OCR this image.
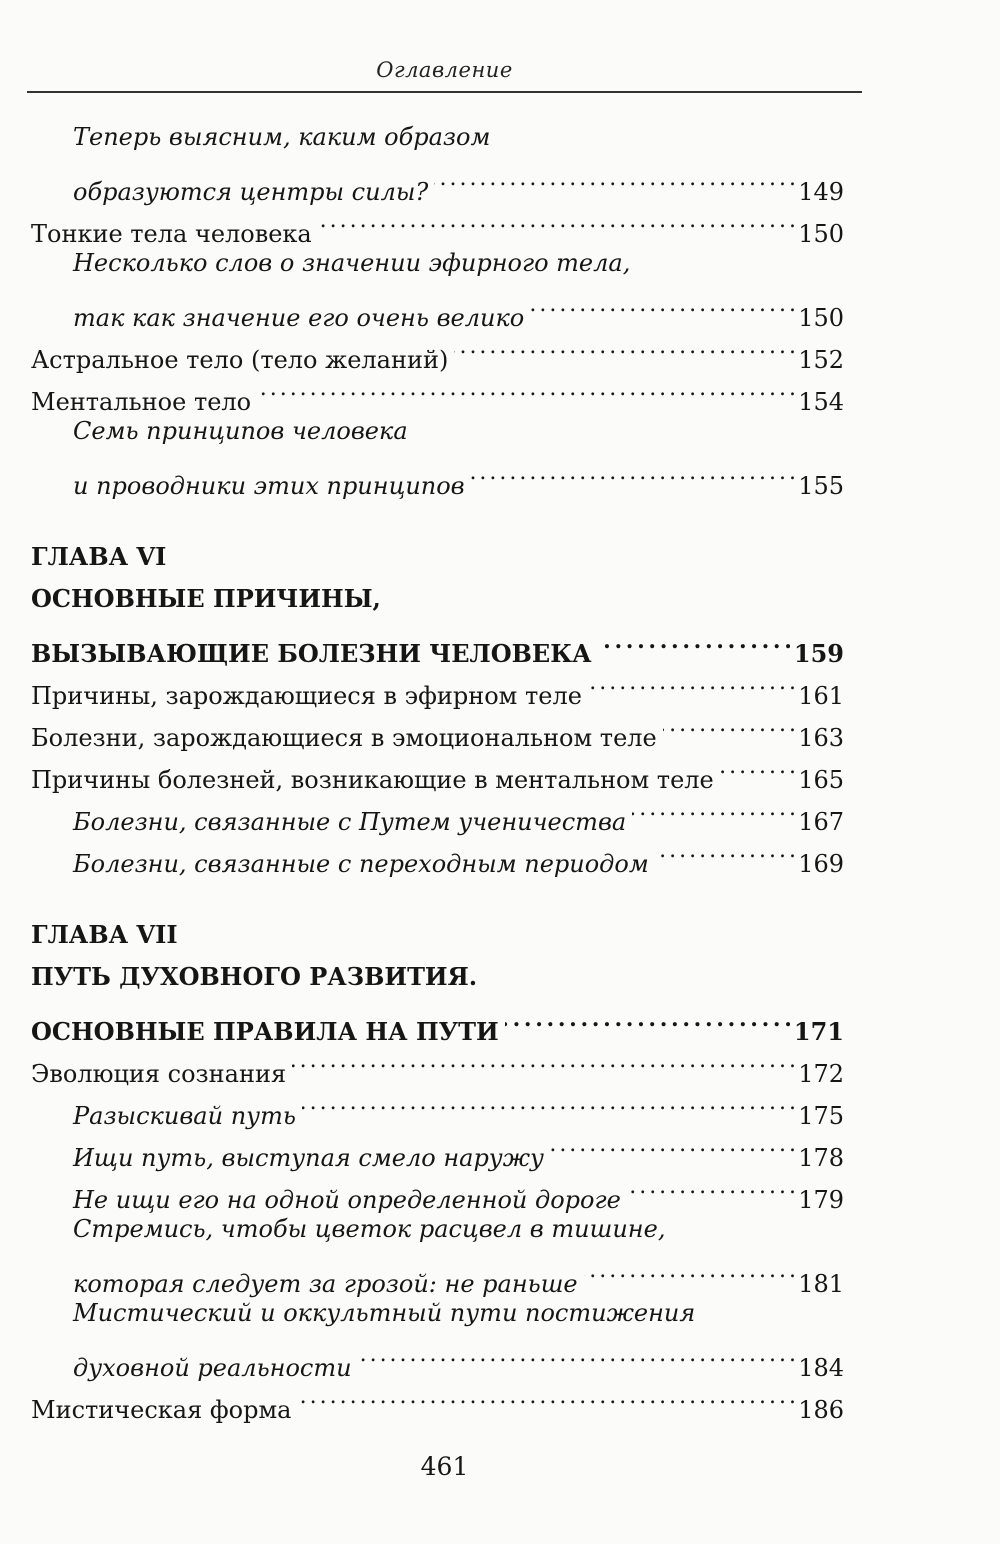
Оглавление
Теперь выясним, каким образом
образуются центры силы? . . .	149
Тонкие тела человека . . .	150
Несколько слов о значении эфирного тела,
так как значение его очень велико . . .	150
Астральное тело (тело желаний) . . .	152
Ментальное тело . . .	154
Семь принципов человека
и проводники этих принципов . . .	155
ГЛАВА VI
ОСНОВНЫЕ ПРИЧИНЫ,
ВЫЗЫВАЮЩИЕ БОЛЕЗНИ ЧЕЛОВЕКА . . .	159
Причины, зарождающиеся в эфирном теле . . .	161
Болезни, зарождающиеся в эмоциональном теле . . .	163
Причины болезней, возникающие в ментальном теле . . .	165
Болезни, связанные с Путем ученичества . . .	167
Болезни, связанные с переходным периодом . . .	169
ГЛАВА VII
ПУТЬ ДУХОВНОГО РАЗВИТИЯ.
ОСНОВНЫЕ ПРАВИЛА НА ПУТИ . . .	171
Эволюция сознания . . .	172
Разыскивай путь . . .	175
Ищи путь, выступая смело наружу . . .	178
Не ищи его на одной определенной дороге . . .	179
Стремись, чтобы цветок расцвел в тишине,
которая следует за грозой: не раньше . . .	181
Мистический и оккультный пути постижения
духовной реальности . . .	184
Мистическая форма . . .	186
461
